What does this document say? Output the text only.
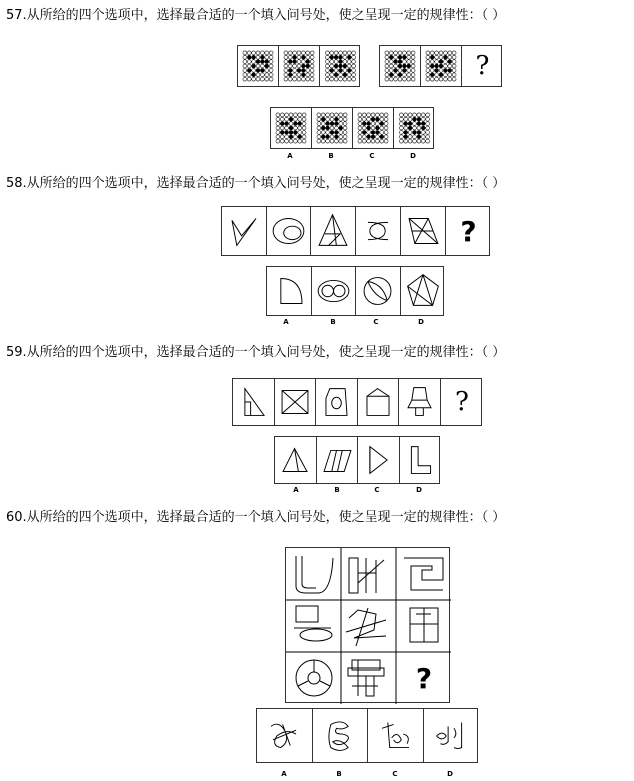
57.从所给的四个选项中，选择最合适的一个填入问号处，使之呈现一定的规律性：（ ）
?
A	B	C	D
58.从所给的四个选项中，选择最合适的一个填入问号处，使之呈现一定的规律性：（ ）
?
A	B	C	D
59.从所给的四个选项中，选择最合适的一个填入问号处，使之呈现一定的规律性：（ ）
?
A	B	C	D
60.从所给的四个选项中，选择最合适的一个填入问号处，使之呈现一定的规律性：（ ）
?
A	B	C	D
